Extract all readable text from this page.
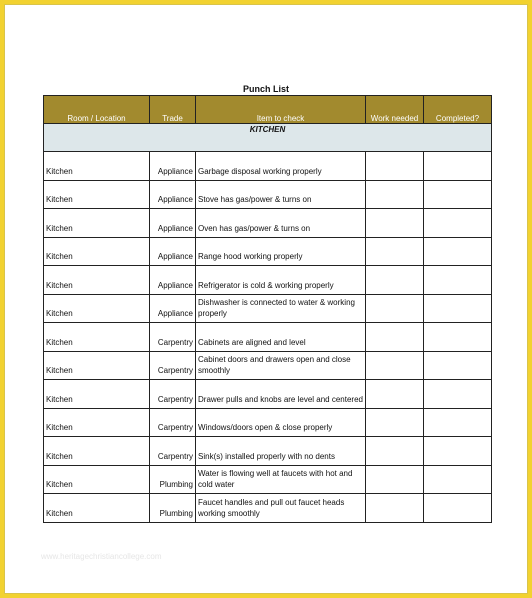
Punch List
Room / Location	Trade	Item to check	Work needed	Completed?
KITCHEN				
Kitchen	Appliance	Garbage disposal working properly		
Kitchen	Appliance	Stove has gas/power & turns on		
Kitchen	Appliance	Oven has gas/power & turns on		
Kitchen	Appliance	Range hood working properly		
Kitchen	Appliance	Refrigerator is cold & working properly		
Kitchen	Appliance	Dishwasher is connected to water & working properly		
Kitchen	Carpentry	Cabinets are aligned and level		
Kitchen	Carpentry	Cabinet doors and drawers open and close smoothly		
Kitchen	Carpentry	Drawer pulls and knobs are level and centered		
Kitchen	Carpentry	Windows/doors open & close properly		
Kitchen	Carpentry	Sink(s) installed properly with no dents		
Kitchen	Plumbing	Water is flowing well at faucets with hot and cold water		
Kitchen	Plumbing	Faucet handles and pull out faucet heads working smoothly		
www.heritagechristiancollege.com
